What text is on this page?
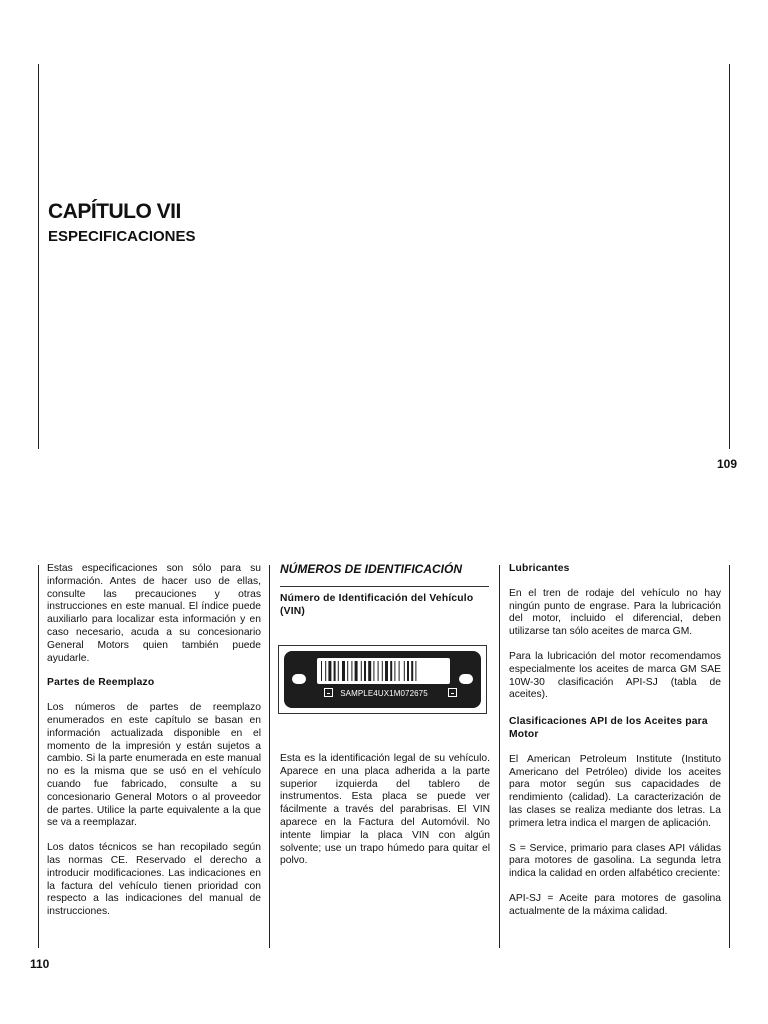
CAPÍTULO VII
ESPECIFICACIONES
109

Estas especificaciones son sólo para su información. Antes de hacer uso de ellas, consulte las precauciones y otras instrucciones en este manual. El índice puede auxiliarlo para localizar esta información y en caso necesario, acuda a su concesionario General Motors quien también puede ayudarle.

Partes de Reemplazo

Los números de partes de reemplazo enumerados en este capítulo se basan en información actualizada disponible en el momento de la impresión y están sujetos a cambio. Si la parte enumerada en este manual no es la misma que se usó en el vehículo cuando fue fabricado, consulte a su concesionario General Motors o al proveedor de partes. Utilice la parte equivalente a la que se va a reemplazar.

Los datos técnicos se han recopilado según las normas CE. Reservado el derecho a introducir modificaciones. Las indicaciones en la factura del vehículo tienen prioridad con respecto a las indicaciones del manual de instrucciones.

NÚMEROS DE IDENTIFICACIÓN
Número de Identificación del Vehículo (VIN)
SAMPLE4UX1M072675
Esta es la identificación legal de su vehículo. Aparece en una placa adherida a la parte superior izquierda del tablero de instrumentos. Esta placa se puede ver fácilmente a través del parabrisas. El VIN aparece en la Factura del Automóvil. No intente limpiar la placa VIN con algún solvente; use un trapo húmedo para quitar el polvo.
Lubricantes

En el tren de rodaje del vehículo no hay ningún punto de engrase. Para la lubricación del motor, incluido el diferencial, deben utilizarse tan sólo aceites de marca GM.

Para la lubricación del motor recomendamos especialmente los aceites de marca GM SAE 10W-30 clasificación API-SJ (tabla de aceites).

Clasificaciones API de los Aceites para Motor

El American Petroleum Institute (Instituto Americano del Petróleo) divide los aceites para motor según sus capacidades de rendimiento (calidad). La caracterización de las clases se realiza mediante dos letras. La primera letra indica el margen de aplicación.

S = Service, primario para clases API válidas para motores de gasolina. La segunda letra indica la calidad en orden alfabético creciente:

API-SJ = Aceite para motores de gasolina actualmente de la máxima calidad.

110
